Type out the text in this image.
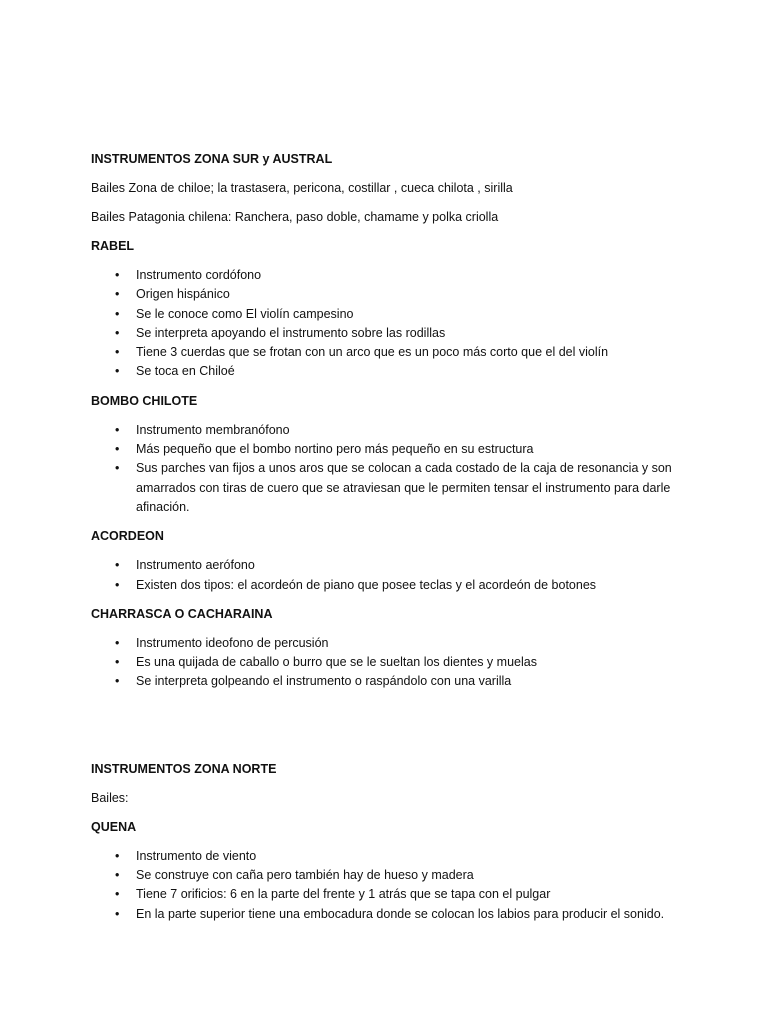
INSTRUMENTOS ZONA SUR y AUSTRAL

Bailes Zona de chiloe; la trastasera, pericona, costillar , cueca chilota , sirilla

Bailes Patagonia chilena: Ranchera, paso doble, chamame y polka criolla

RABEL

• Instrumento cordófono
• Origen hispánico
• Se le conoce como El violín campesino
• Se interpreta apoyando el instrumento sobre las rodillas
• Tiene 3 cuerdas que se frotan con un arco que es un poco más corto que el del violín
• Se toca en Chiloé

BOMBO CHILOTE

• Instrumento membranófono
• Más pequeño que el bombo nortino pero más pequeño en su estructura
• Sus parches van fijos a unos aros que se colocan a cada costado de la caja de resonancia y son amarrados con tiras de cuero que se atraviesan que le permiten tensar el instrumento para darle afinación.

ACORDEON

• Instrumento aerófono
• Existen dos tipos: el acordeón de piano que posee teclas y el acordeón de botones

CHARRASCA O CACHARAINA

• Instrumento ideofono de percusión
• Es una quijada de caballo o burro que se le sueltan los dientes y muelas
• Se interpreta golpeando el instrumento o raspándolo con una varilla

INSTRUMENTOS ZONA NORTE

Bailes:

QUENA

• Instrumento de viento
• Se construye con caña pero también hay de hueso y madera
• Tiene 7 orificios: 6 en la parte del frente y 1 atrás que se tapa con el pulgar
• En la parte superior tiene una embocadura donde se colocan los labios para producir el sonido.
